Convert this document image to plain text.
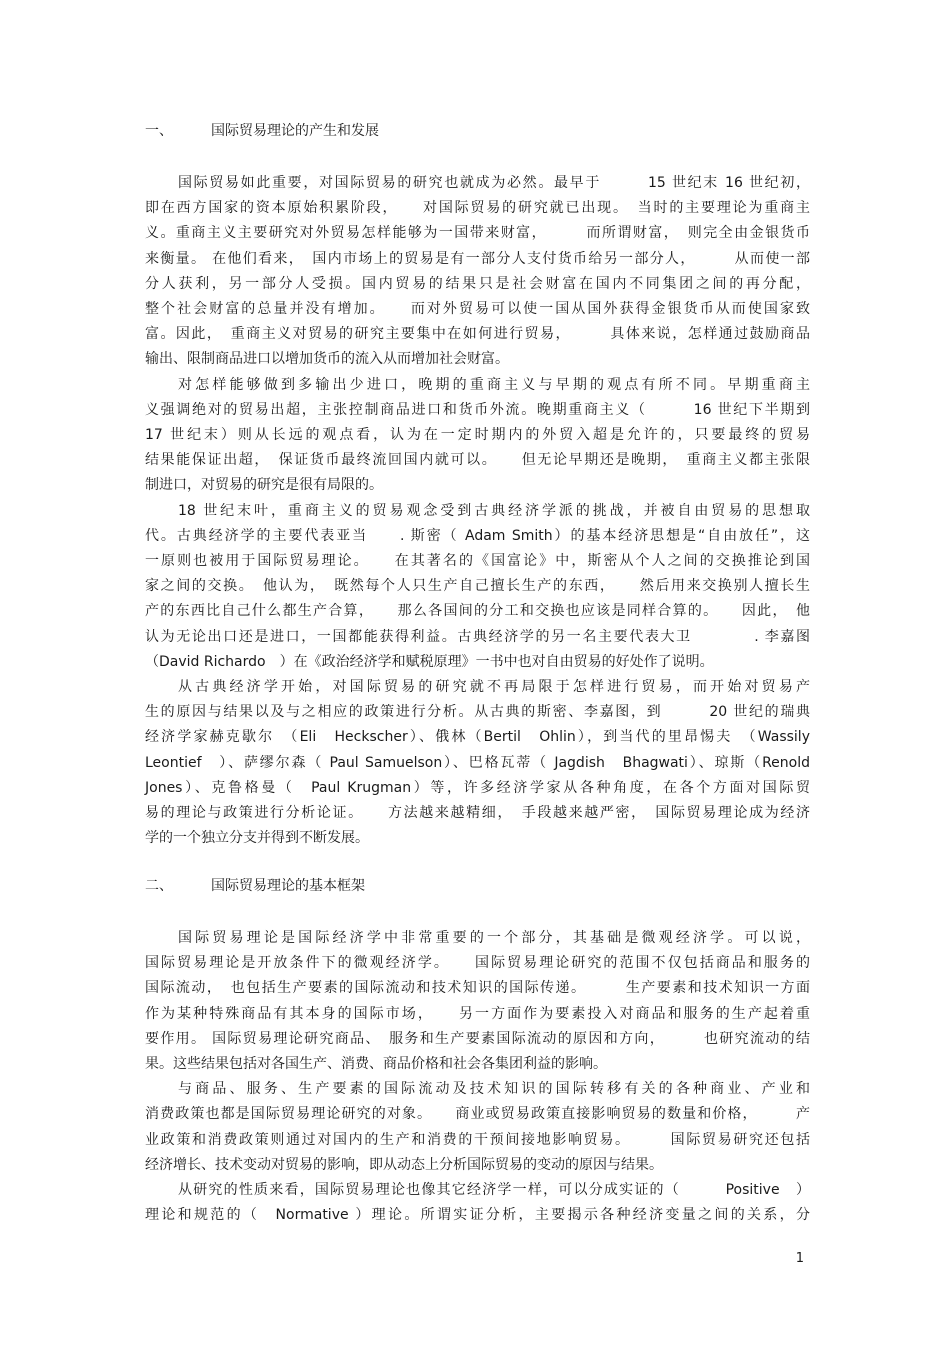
一、	国际贸易理论的产生和发展
国际贸易如此重要，对国际贸易的研究也就成为必然。最早于　　　15 世纪末 16 世纪初，
即在西方国家的资本原始积累阶段，　　对国际贸易的研究就已出现。　当时的主要理论为重商主
义。重商主义主要研究对外贸易怎样能够为一国带来财富，　　　而所谓财富，　则完全由金银货币
来衡量。 在他们看来，　国内市场上的贸易是有一部分人支付货币给另一部分人，　　　从而使一部
分人获利，另一部分人受损。国内贸易的结果只是社会财富在国内不同集团之间的再分配，
整个社会财富的总量并没有增加。　　而对外贸易可以使一国从国外获得金银货币从而使国家致
富。因此，　重商主义对贸易的研究主要集中在如何进行贸易，　　　具体来说，怎样通过鼓励商品
输出、限制商品进口以增加货币的流入从而增加社会财富。
对怎样能够做到多输出少进口，晚期的重商主义与早期的观点有所不同。早期重商主
义强调绝对的贸易出超，主张控制商品进口和货币外流。晚期重商主义（　　　16 世纪下半期到
17 世纪末）则从长远的观点看，认为在一定时期内的外贸入超是允许的，只要最终的贸易
结果能保证出超，　保证货币最终流回国内就可以。　　但无论早期还是晚期，　重商主义都主张限
制进口，对贸易的研究是很有局限的。
18 世纪末叶，重商主义的贸易观念受到古典经济学派的挑战，并被自由贸易的思想取
代。古典经济学的主要代表亚当　　. 斯密（ Adam Smith）的基本经济思想是“自由放任”，这
一原则也被用于国际贸易理论。　　在其著名的《国富论》中，斯密从个人之间的交换推论到国
家之间的交换。　他认为，　既然每个人只生产自己擅长生产的东西，　　然后用来交换别人擅长生
产的东西比自己什么都生产合算，　　那么各国间的分工和交换也应该是同样合算的。　　因此，　他
认为无论出口还是进口，一国都能获得利益。古典经济学的另一名主要代表大卫　　　　. 李嘉图
（David Richardo　）在《政治经济学和赋税原理》一书中也对自由贸易的好处作了说明。
从古典经济学开始，对国际贸易的研究就不再局限于怎样进行贸易，而开始对贸易产
生的原因与结果以及与之相应的政策进行分析。从古典的斯密、李嘉图，到　　　20 世纪的瑞典
经济学家赫克歇尔　（Eli　Heckscher）、俄林（Bertil　Ohlin），到当代的里昂惕夫　（Wassily
Leontief　）、萨缪尔森（ Paul Samuelson）、巴格瓦蒂（ Jagdish　Bhagwati）、琼斯（Renold
Jones）、克鲁格曼（　Paul Krugman）等，许多经济学家从各种角度，在各个方面对国际贸
易的理论与政策进行分析论证。　　方法越来越精细，　手段越来越严密，　国际贸易理论成为经济
学的一个独立分支并得到不断发展。
二、	国际贸易理论的基本框架
国际贸易理论是国际经济学中非常重要的一个部分，其基础是微观经济学。可以说，
国际贸易理论是开放条件下的微观经济学。　　国际贸易理论研究的范围不仅包括商品和服务的
国际流动，　也包括生产要素的国际流动和技术知识的国际传递。　　　生产要素和技术知识一方面
作为某种特殊商品有其本身的国际市场，　　另一方面作为要素投入对商品和服务的生产起着重
要作用。 国际贸易理论研究商品、　服务和生产要素国际流动的原因和方向，　　　也研究流动的结
果。这些结果包括对各国生产、消费、商品价格和社会各集团利益的影响。
与商品、服务、生产要素的国际流动及技术知识的国际转移有关的各种商业、产业和
消费政策也都是国际贸易理论研究的对象。　　商业或贸易政策直接影响贸易的数量和价格，　　　产
业政策和消费政策则通过对国内的生产和消费的干预间接地影响贸易。　　　国际贸易研究还包括
经济增长、技术变动对贸易的影响，即从动态上分析国际贸易的变动的原因与结果。
从研究的性质来看，国际贸易理论也像其它经济学一样，可以分成实证的（　　　Positive　）
理论和规范的（　Normative ）理论。所谓实证分析，主要揭示各种经济变量之间的关系，分
1
